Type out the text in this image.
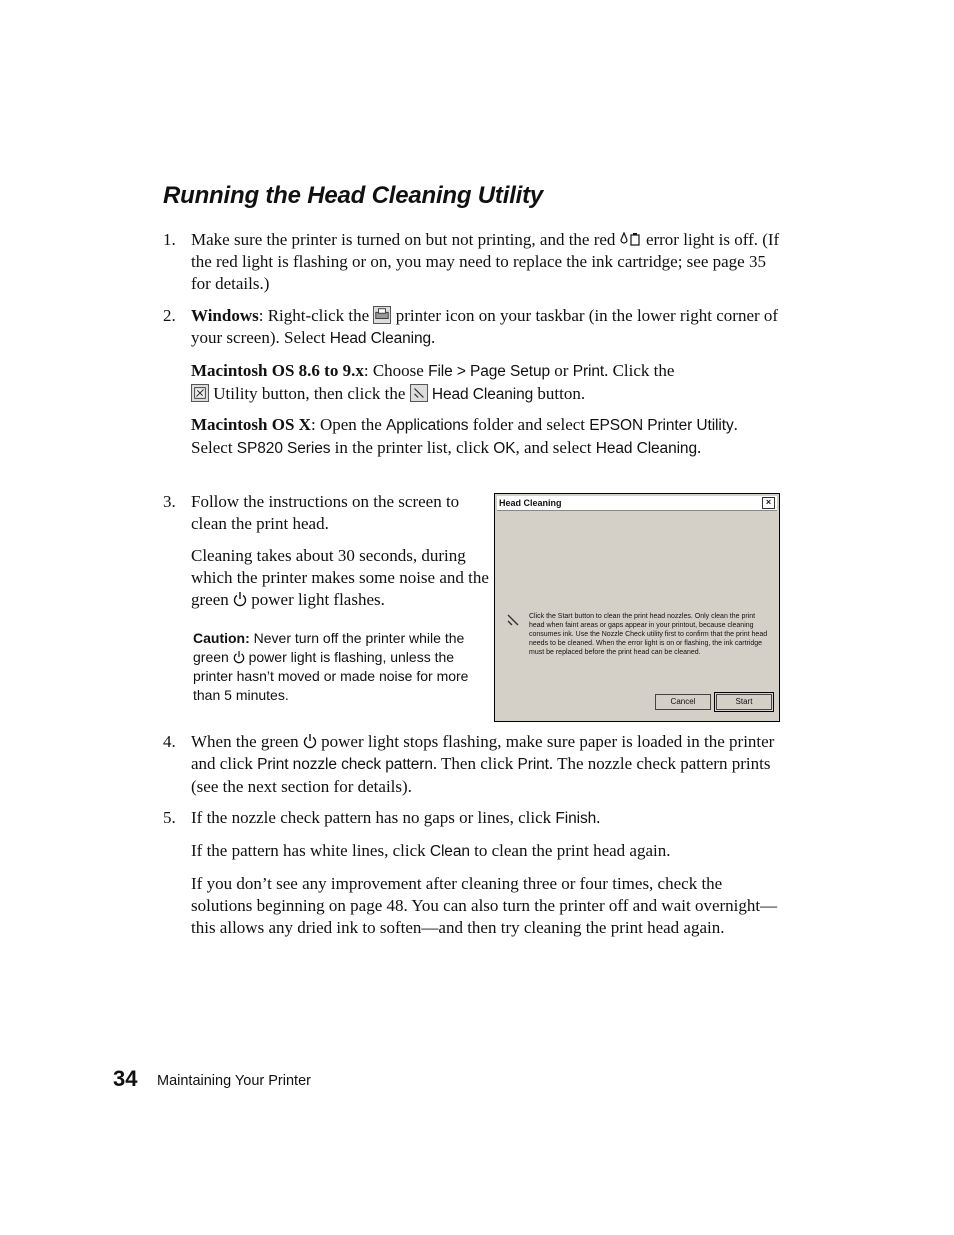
Running the Head Cleaning Utility
1. Make sure the printer is turned on but not printing, and the red error light is off. (If the red light is flashing or on, you may need to replace the ink cartridge; see page 35 for details.)

2. Windows: Right-click the printer icon on your taskbar (in the lower right corner of your screen). Select Head Cleaning.

Macintosh OS 8.6 to 9.x: Choose File > Page Setup or Print. Click the
Utility button, then click the Head Cleaning button.

Macintosh OS X: Open the Applications folder and select EPSON Printer Utility. Select SP820 Series in the printer list, click OK, and select Head Cleaning.

3. Follow the instructions on the screen to clean the print head.

Cleaning takes about 30 seconds, during which the printer makes some noise and the green power light flashes.

Caution: Never turn off the printer while the green power light is flashing, unless the printer hasn’t moved or made noise for more than 5 minutes.

Head Cleaning	×

Click the Start button to clean the print head nozzles. Only clean the print head when faint areas or gaps appear in your printout, because cleaning consumes ink. Use the Nozzle Check utility first to confirm that the print head needs to be cleaned. When the error light is on or flashing, the ink cartridge must be replaced before the print head can be cleaned.

Cancel	Start
4. When the green power light stops flashing, make sure paper is loaded in the printer and click Print nozzle check pattern. Then click Print. The nozzle check pattern prints (see the next section for details).

5. If the nozzle check pattern has no gaps or lines, click Finish.

If the pattern has white lines, click Clean to clean the print head again.

If you don’t see any improvement after cleaning three or four times, check the solutions beginning on page 48. You can also turn the printer off and wait overnight—this allows any dried ink to soften—and then try cleaning the print head again.

34 Maintaining Your Printer
